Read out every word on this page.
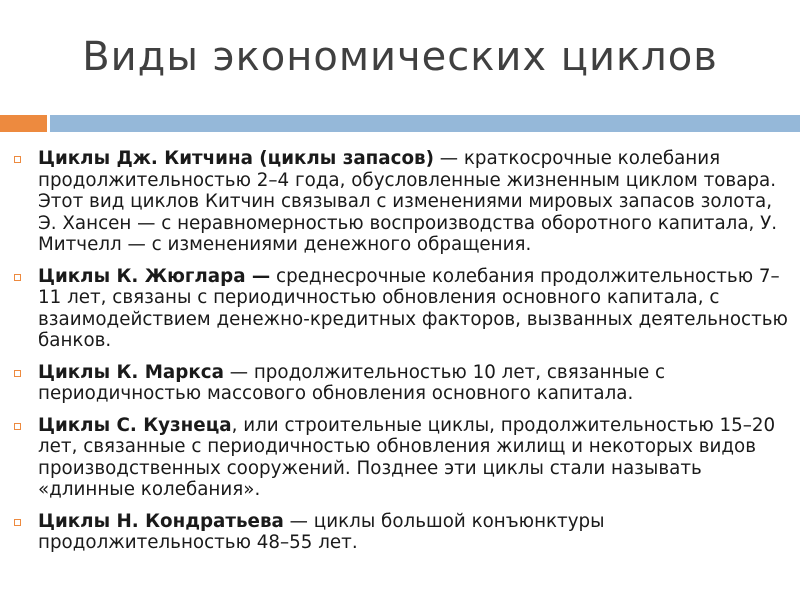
Виды экономических циклов
Циклы Дж. Китчина (циклы запасов) — краткосрочные колебания продолжительностью 2–4 года, обусловленные жизненным циклом товара. Этот вид циклов Китчин связывал с изменениями мировых запасов золота, Э. Хансен — с неравномерностью воспроизводства оборотного капитала, У. Митчелл — с изменениями денежного обращения.
Циклы К. Жюглара — среднесрочные колебания продолжительностью 7–11 лет, связаны с периодичностью обновления основного капитала, с взаимодействием денежно-кредитных факторов, вызванных деятельностью банков.
Циклы К. Маркса — продолжительностью 10 лет, связанные с периодичностью массового обновления основного капитала.
Циклы С. Кузнеца, или строительные циклы, продолжительностью 15–20 лет, связанные с периодичностью обновления жилищ и некоторых видов производственных сооружений. Позднее эти циклы стали называть «длинные колебания».
Циклы Н. Кондратьева — циклы большой конъюнктуры продолжительностью 48–55 лет.
